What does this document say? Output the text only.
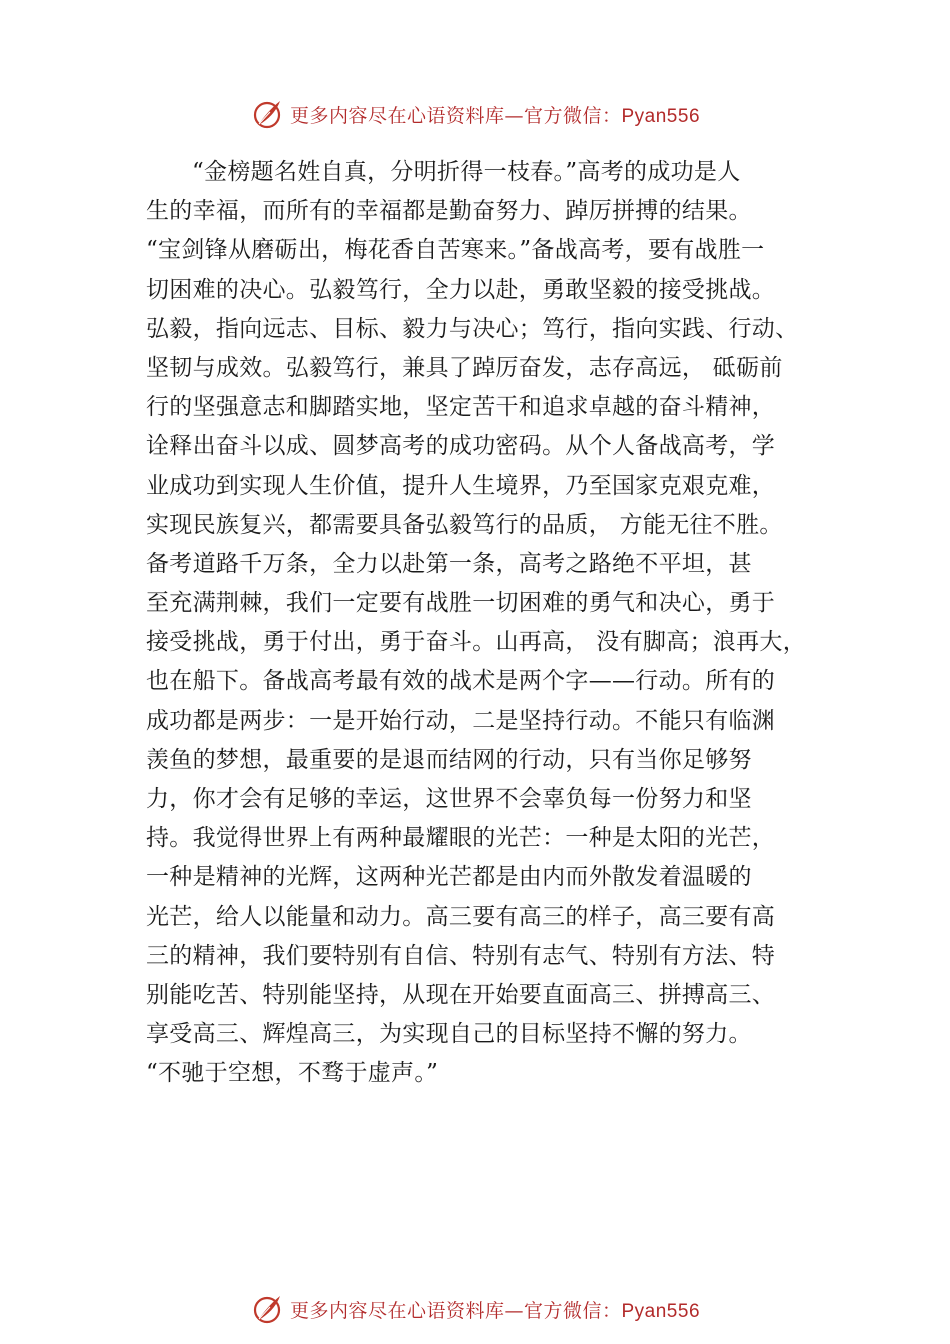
更多内容尽在心语资料库—官方微信：Pyan556
“金榜题名姓自真，分明折得一枝春。”高考的成功是人
生的幸福，而所有的幸福都是勤奋努力、踔厉拼搏的结果。
“宝剑锋从磨砺出，梅花香自苦寒来。”备战高考，要有战胜一
切困难的决心。弘毅笃行，全力以赴，勇敢坚毅的接受挑战。
弘毅，指向远志、目标、毅力与决心；笃行，指向实践、行动、
坚韧与成效。弘毅笃行，兼具了踔厉奋发，志存高远， 砥砺前
行的坚强意志和脚踏实地，坚定苦干和追求卓越的奋斗精神，
诠释出奋斗以成、圆梦高考的成功密码。从个人备战高考，学
业成功到实现人生价值，提升人生境界，乃至国家克艰克难，
实现民族复兴，都需要具备弘毅笃行的品质， 方能无往不胜。
备考道路千万条，全力以赴第一条，高考之路绝不平坦，甚
至充满荆棘，我们一定要有战胜一切困难的勇气和决心，勇于
接受挑战，勇于付出，勇于奋斗。山再高， 没有脚高；浪再大，
也在船下。备战高考最有效的战术是两个字——行动。所有的
成功都是两步：一是开始行动，二是坚持行动。不能只有临渊
羡鱼的梦想，最重要的是退而结网的行动，只有当你足够努
力，你才会有足够的幸运，这世界不会辜负每一份努力和坚
持。我觉得世界上有两种最耀眼的光芒：一种是太阳的光芒，
一种是精神的光辉，这两种光芒都是由内而外散发着温暖的
光芒，给人以能量和动力。高三要有高三的样子，高三要有高
三的精神，我们要特别有自信、特别有志气、特别有方法、特
别能吃苦、特别能坚持，从现在开始要直面高三、拼搏高三、
享受高三、辉煌高三，为实现自己的目标坚持不懈的努力。
“不驰于空想，不骛于虚声。”
更多内容尽在心语资料库—官方微信：Pyan556
